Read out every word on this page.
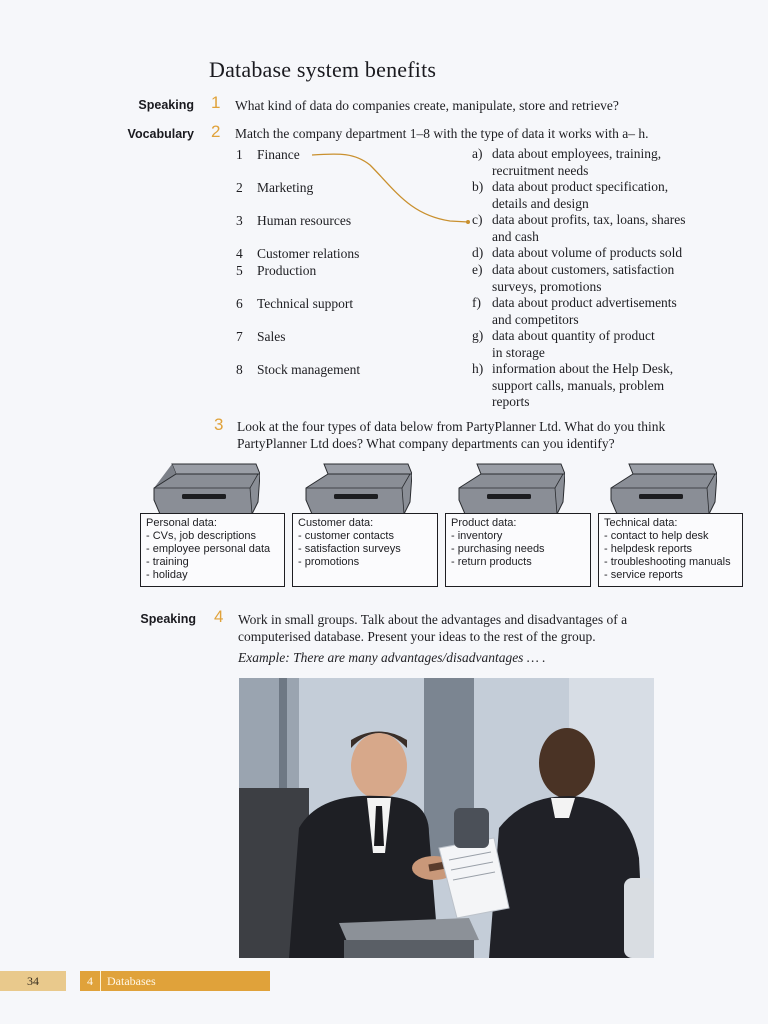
Database system benefits
Speaking 1 What kind of data do companies create, manipulate, store and retrieve?
Vocabulary 2 Match the company department 1–8 with the type of data it works with a– h.
1 Finance
2 Marketing
3 Human resources
4 Customer relations
5 Production
6 Technical support
7 Sales
8 Stock management
a) data about employees, training,
recruitment needs
b) data about product specification,
details and design
c) data about profits, tax, loans, shares
and cash
d) data about volume of products sold
e) data about customers, satisfaction
surveys, promotions
f) data about product advertisements
and competitors
g) data about quantity of product
in storage
h) information about the Help Desk,
support calls, manuals, problem
reports
3 Look at the four types of data below from PartyPlanner Ltd. What do you think
PartyPlanner Ltd does? What company departments can you identify?
Personal data:
- CVs, job descriptions
- employee personal data
- training
- holiday
Customer data:
- customer contacts
- satisfaction surveys
- promotions
Product data:
- inventory
- purchasing needs
- return products
Technical data:
- contact to help desk
- helpdesk reports
- troubleshooting manuals
- service reports
Speaking 4 Work in small groups. Talk about the advantages and disadvantages of a
computerised database. Present your ideas to the rest of the group.
Example: There are many advantages/disadvantages … .
34	4 Databases
